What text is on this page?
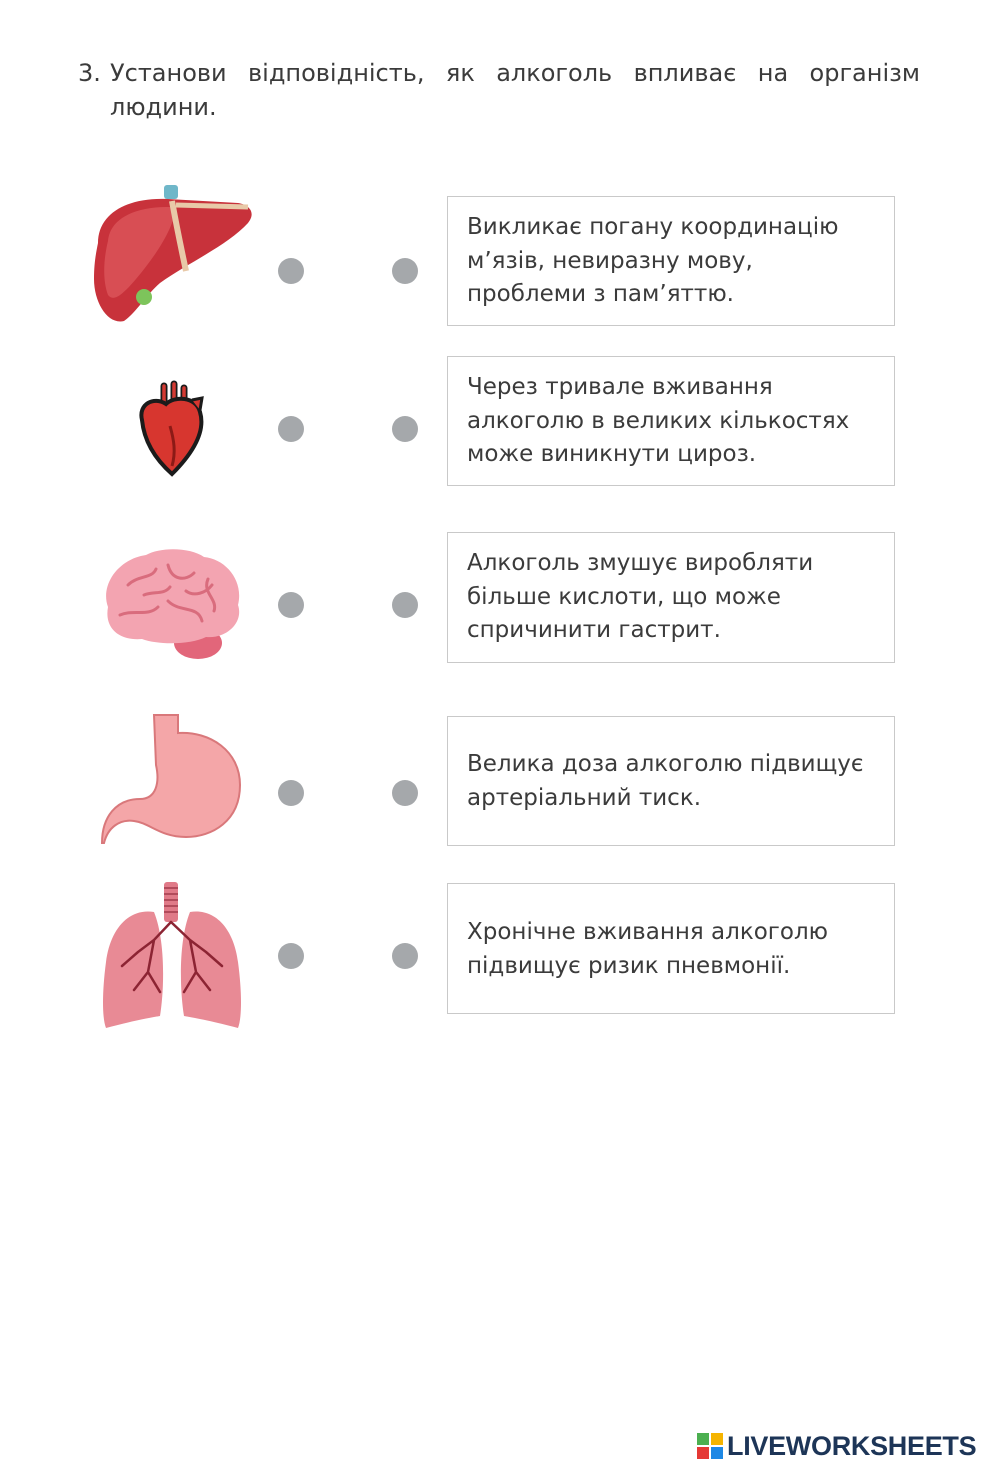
3. Установи відповідність, як алкоголь впливає на організм людини.
Викликає погану координацію м’язів, невиразну мову, проблеми з пам’яттю.
Через тривале вживання алкоголю в великих кількостях може виникнути цироз.
Алкоголь змушує виробляти більше кислоти, що може спричинити гастрит.
Велика доза алкоголю підвищує артеріальний тиск.
Хронічне вживання алкоголю підвищує ризик пневмонії.
LIVEWORKSHEETS
